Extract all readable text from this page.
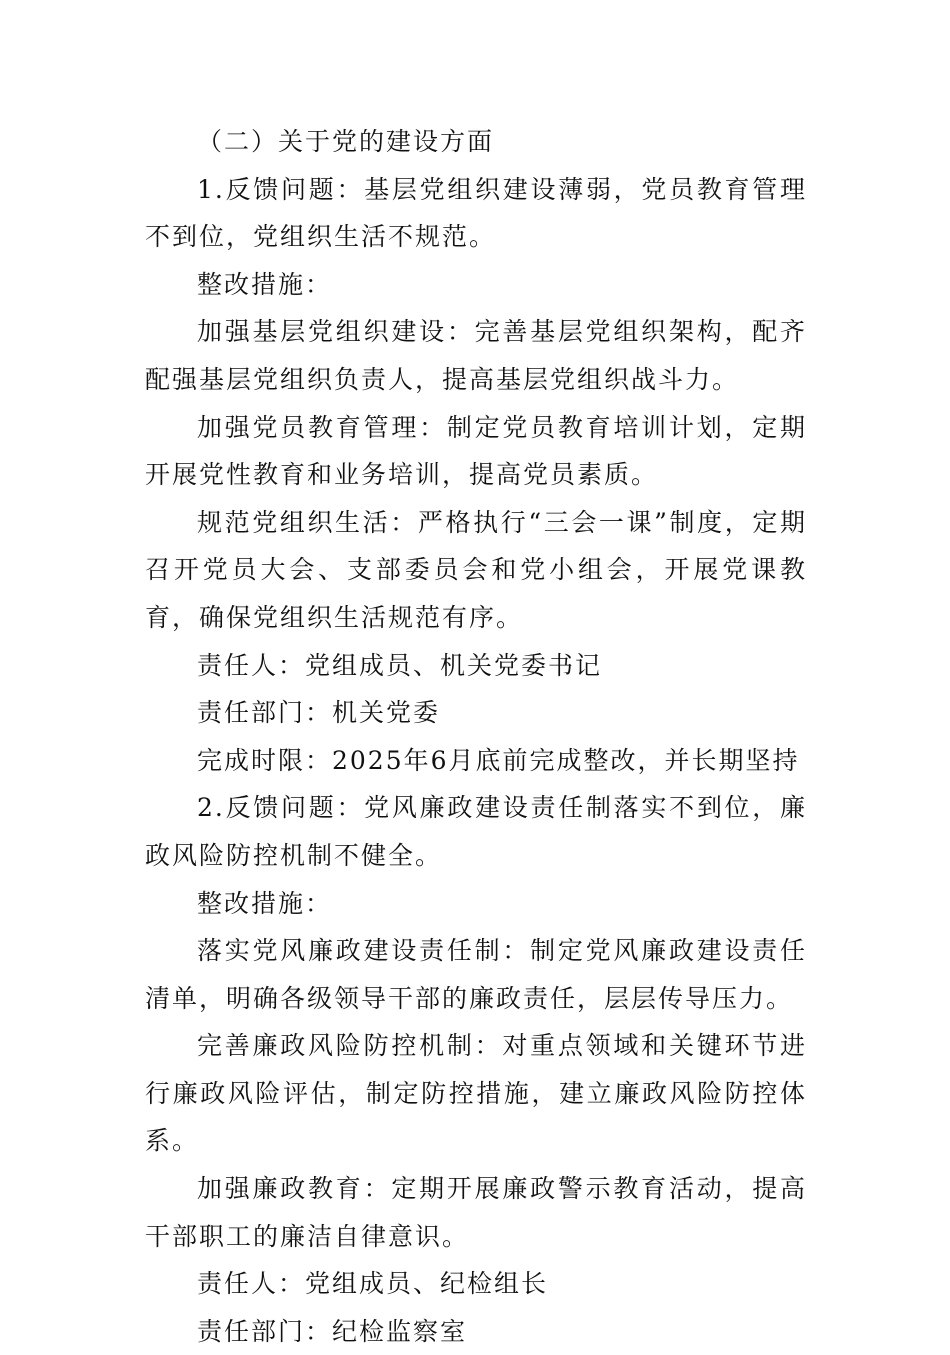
（二）关于党的建设方面

1.反馈问题：基层党组织建设薄弱，党员教育管理不到位，党组织生活不规范。

整改措施：

加强基层党组织建设：完善基层党组织架构，配齐配强基层党组织负责人，提高基层党组织战斗力。

加强党员教育管理：制定党员教育培训计划，定期开展党性教育和业务培训，提高党员素质。

规范党组织生活：严格执行“三会一课”制度，定期召开党员大会、支部委员会和党小组会，开展党课教育，确保党组织生活规范有序。

责任人：党组成员、机关党委书记

责任部门：机关党委

完成时限：2025年6月底前完成整改，并长期坚持

2.反馈问题：党风廉政建设责任制落实不到位，廉政风险防控机制不健全。

整改措施：

落实党风廉政建设责任制：制定党风廉政建设责任清单，明确各级领导干部的廉政责任，层层传导压力。

完善廉政风险防控机制：对重点领域和关键环节进行廉政风险评估，制定防控措施，建立廉政风险防控体系。

加强廉政教育：定期开展廉政警示教育活动，提高干部职工的廉洁自律意识。

责任人：党组成员、纪检组长

责任部门：纪检监察室
